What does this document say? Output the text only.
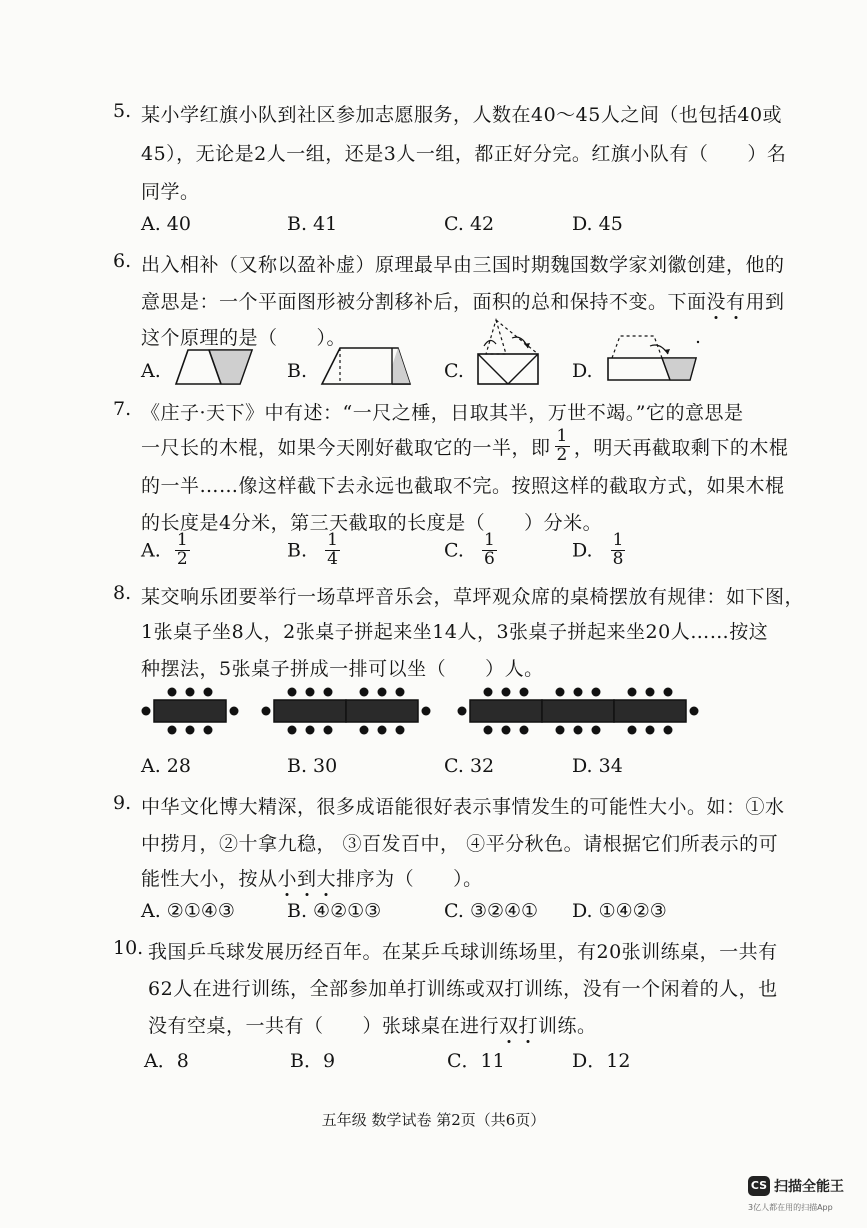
5. 某小学红旗小队到社区参加志愿服务，人数在40～45人之间（也包括40或
45），无论是2人一组，还是3人一组，都正好分完。红旗小队有（　　）名
同学。
A. 40	B. 41	C. 42	D. 45
6. 出入相补（又称以盈补虚）原理最早由三国时期魏国数学家刘徽创建，他的
意思是：一个平面图形被分割移补后，面积的总和保持不变。下面没有用到
这个原理的是（　　）。
A.	B.	C.	D.
7. 《庄子·天下》中有述：“一尺之棰，日取其半，万世不竭。”它的意思是
一尺长的木棍，如果今天刚好截取它的一半，即 $\frac{1}{2}$ ，明天再截取剩下的木棍
的一半……像这样截下去永远也截取不完。按照这样的截取方式，如果木棍
的长度是4分米，第三天截取的长度是（　　）分米。
A. $\frac{1}{2}$	B. $\frac{1}{4}$	C. $\frac{1}{6}$	D. $\frac{1}{8}$
8. 某交响乐团要举行一场草坪音乐会，草坪观众席的桌椅摆放有规律：如下图，
1张桌子坐8人，2张桌子拼起来坐14人，3张桌子拼起来坐20人……按这
种摆法，5张桌子拼成一排可以坐（　　）人。
A. 28	B. 30	C. 32	D. 34
9. 中华文化博大精深，很多成语能很好表示事情发生的可能性大小。如：①水
中捞月，②十拿九稳， ③百发百中， ④平分秋色。请根据它们所表示的可
能性大小，按从小到大排序为（　　）。
A. ②①④③	B. ④②①③	C. ③②④① D. ①④②③
10. 我国乒乓球发展历经百年。在某乒乓球训练场里，有20张训练桌，一共有
62人在进行训练，全部参加单打训练或双打训练，没有一个闲着的人，也
没有空桌，一共有（　　）张球桌在进行双打训练。
A．8	B．9	C．11	D．12
五年级 数学试卷 第2页（共6页）
CS 扫描全能王
3亿人都在用的扫描App
